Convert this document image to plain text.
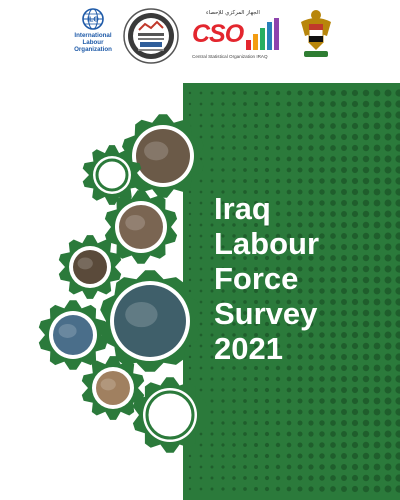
ILO
International
Labour
Organization
الجهاز المركزي للإحصاء
CSO
Central Statistical Organization IRAQ
Iraq
Labour
Force
Survey
2021
